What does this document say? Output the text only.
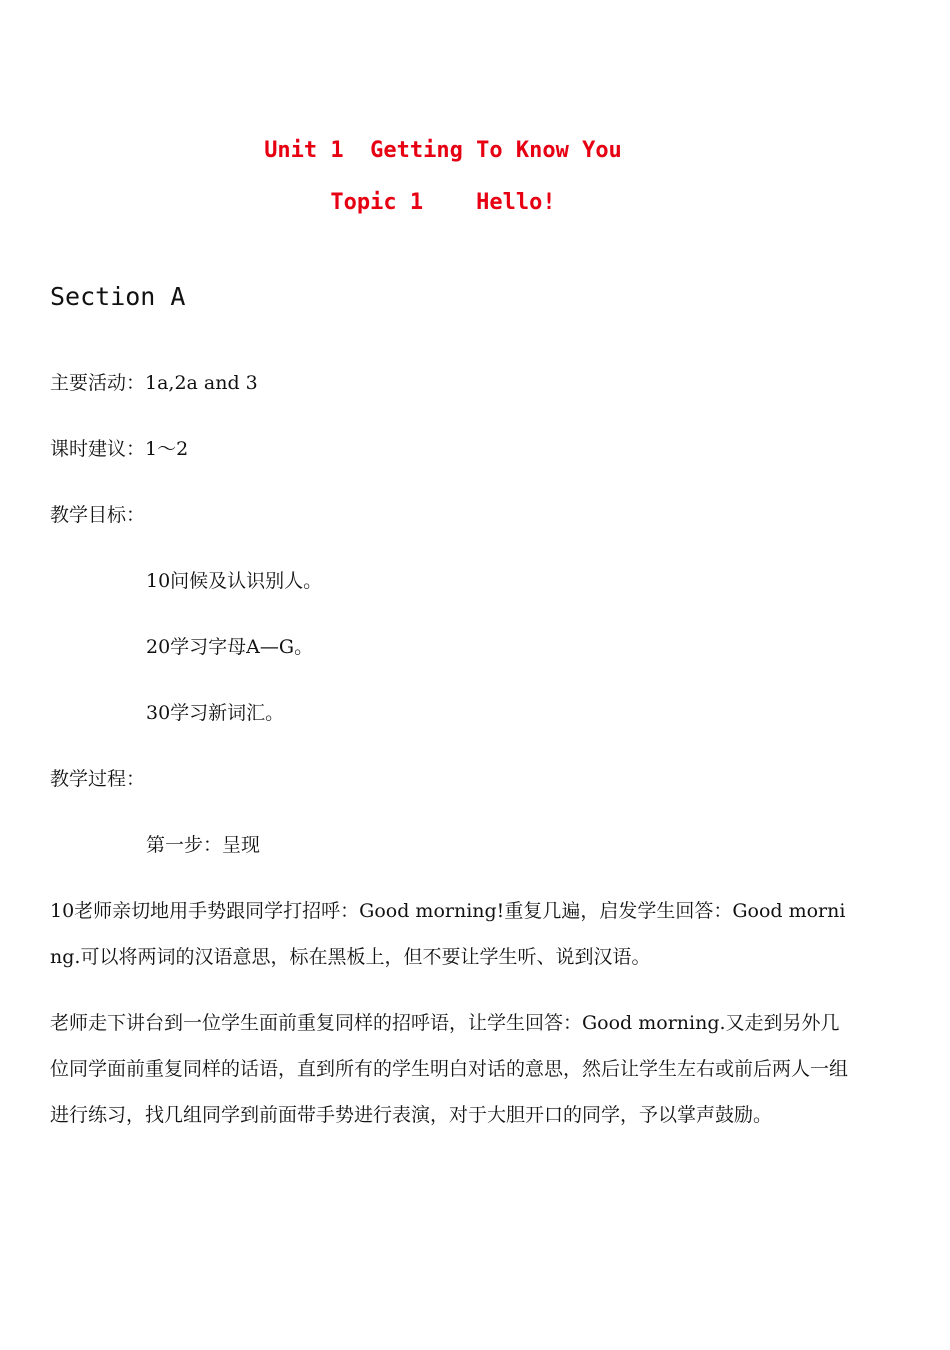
Unit 1  Getting To Know You
Topic 1    Hello!
Section A
主要活动：1a,2a and 3
课时建议：1～2
教学目标：
10问候及认识别人。
20学习字母A—G。
30学习新词汇。
教学过程：
第一步：呈现
10老师亲切地用手势跟同学打招呼：Good morning!重复几遍，启发学生回答：Good morning.可以将两词的汉语意思，标在黑板上，但不要让学生听、说到汉语。
老师走下讲台到一位学生面前重复同样的招呼语，让学生回答：Good morning.又走到另外几位同学面前重复同样的话语，直到所有的学生明白对话的意思，然后让学生左右或前后两人一组进行练习，找几组同学到前面带手势进行表演，对于大胆开口的同学，予以掌声鼓励。
